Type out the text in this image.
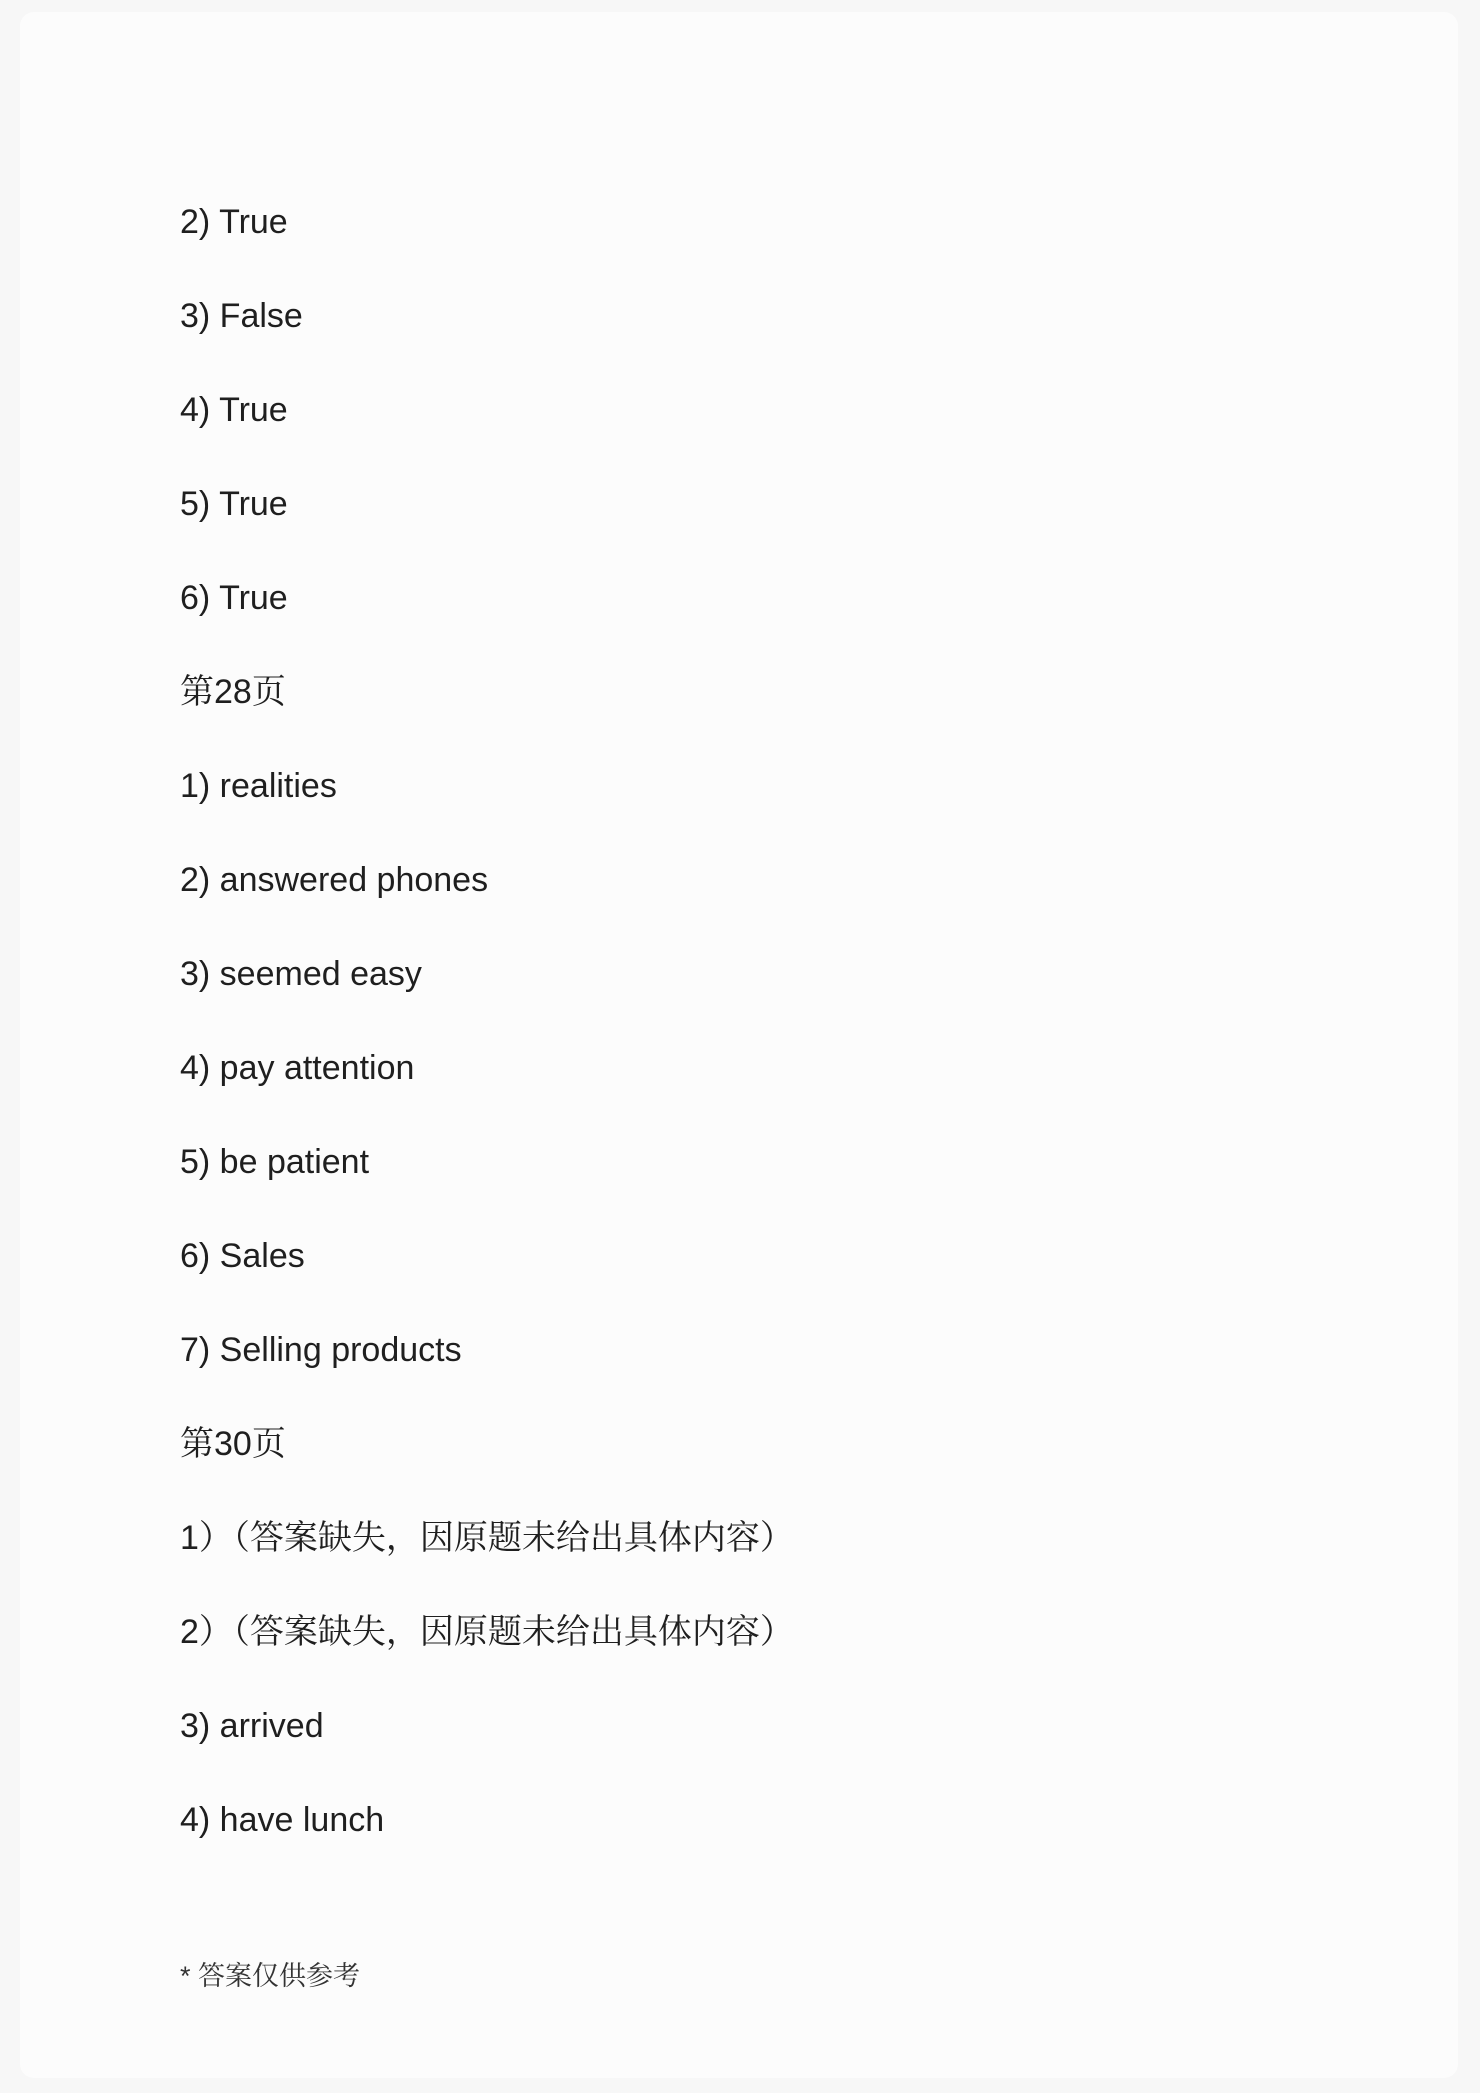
2) True
3) False
4) True
5) True
6) True
第28页
1) realities
2) answered phones
3) seemed easy
4) pay attention
5) be patient
6) Sales
7) Selling products
第30页
1）（答案缺失，因原题未给出具体内容）
2）（答案缺失，因原题未给出具体内容）
3) arrived
4) have lunch
* 答案仅供参考
